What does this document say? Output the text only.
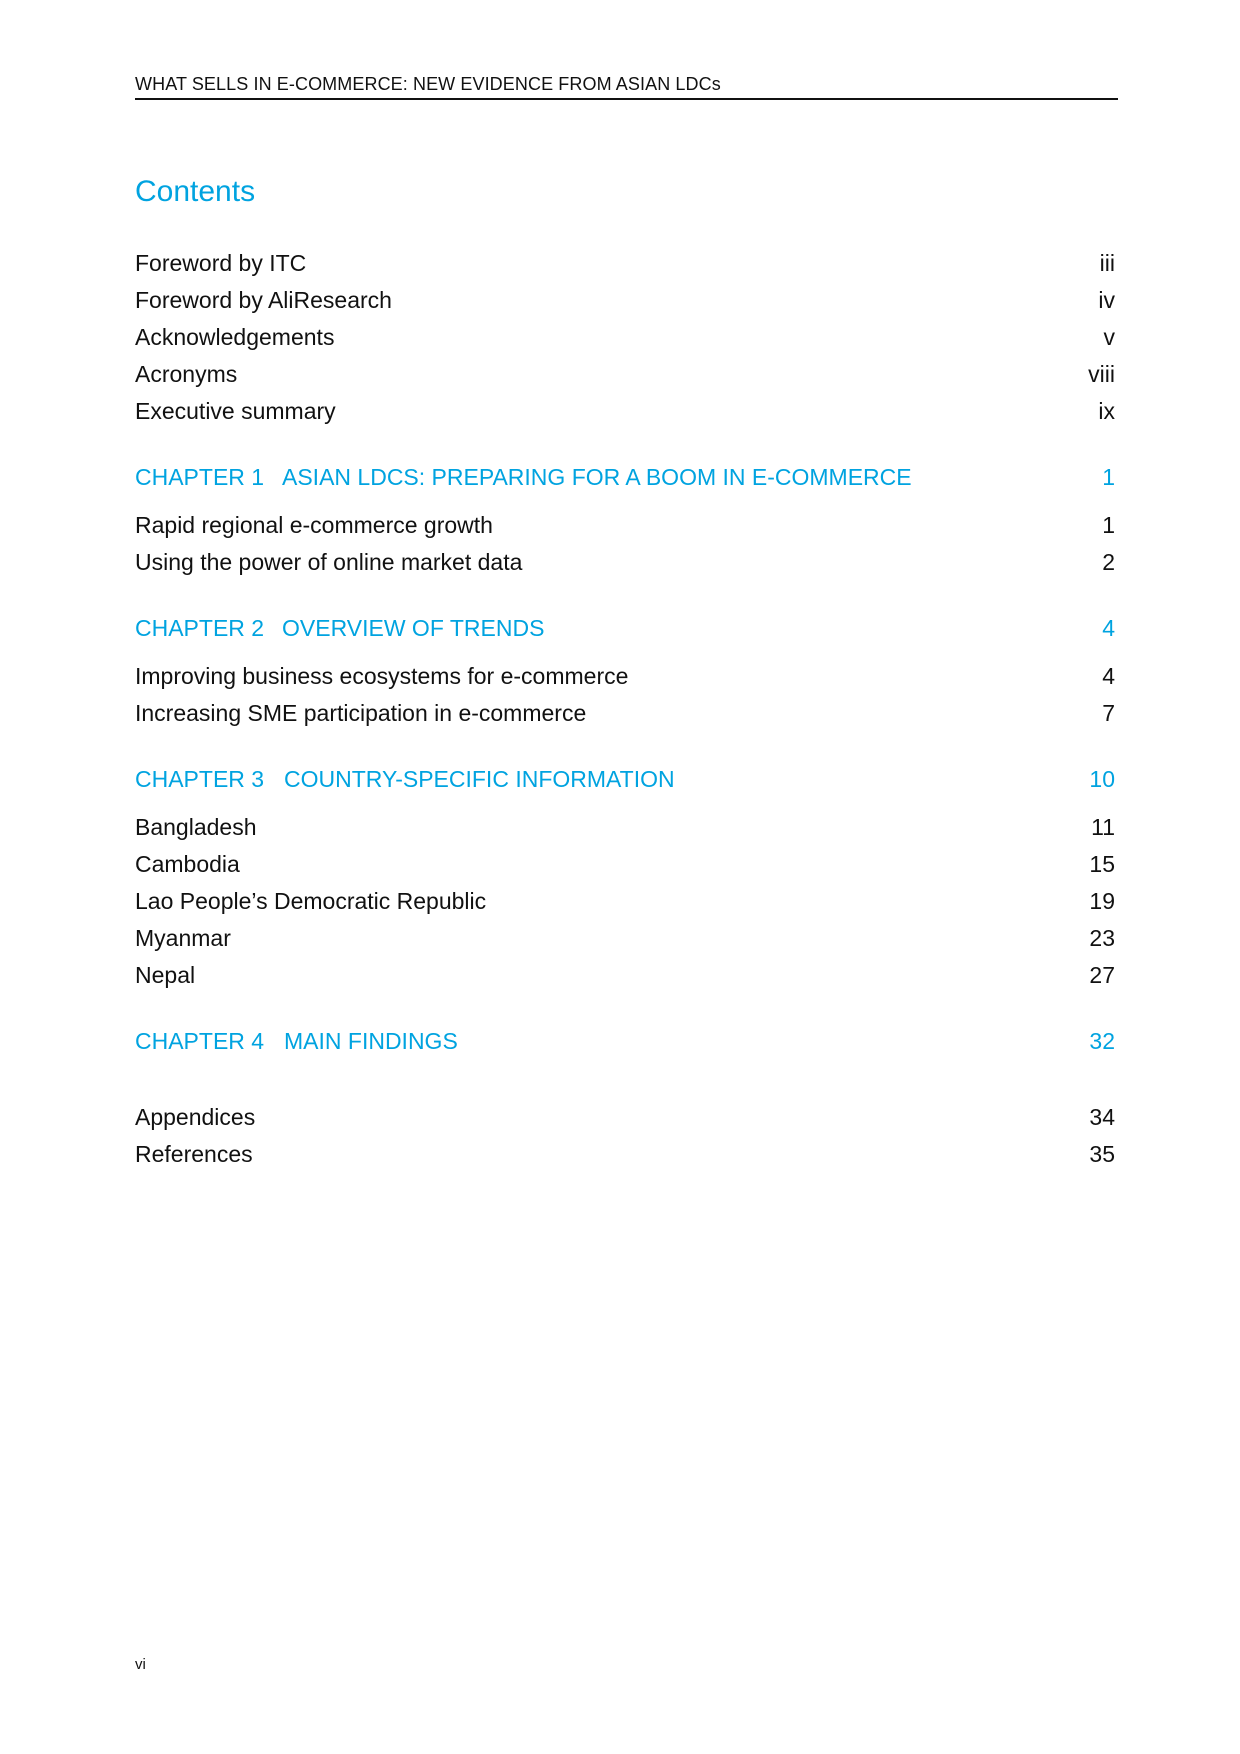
WHAT SELLS IN E-COMMERCE: NEW EVIDENCE FROM ASIAN LDCs
Contents
Foreword by ITC	iii
Foreword by AliResearch	iv
Acknowledgements	v
Acronyms	viii
Executive summary	ix
CHAPTER 1 ASIAN LDCS: PREPARING FOR A BOOM IN E-COMMERCE	1
Rapid regional e-commerce growth	1
Using the power of online market data	2
CHAPTER 2 OVERVIEW OF TRENDS	4
Improving business ecosystems for e-commerce	4
Increasing SME participation in e-commerce	7
CHAPTER 3 COUNTRY-SPECIFIC INFORMATION	10
Bangladesh	11
Cambodia	15
Lao People’s Democratic Republic	19
Myanmar	23
Nepal	27
CHAPTER 4 MAIN FINDINGS	32
Appendices	34
References	35
vi
